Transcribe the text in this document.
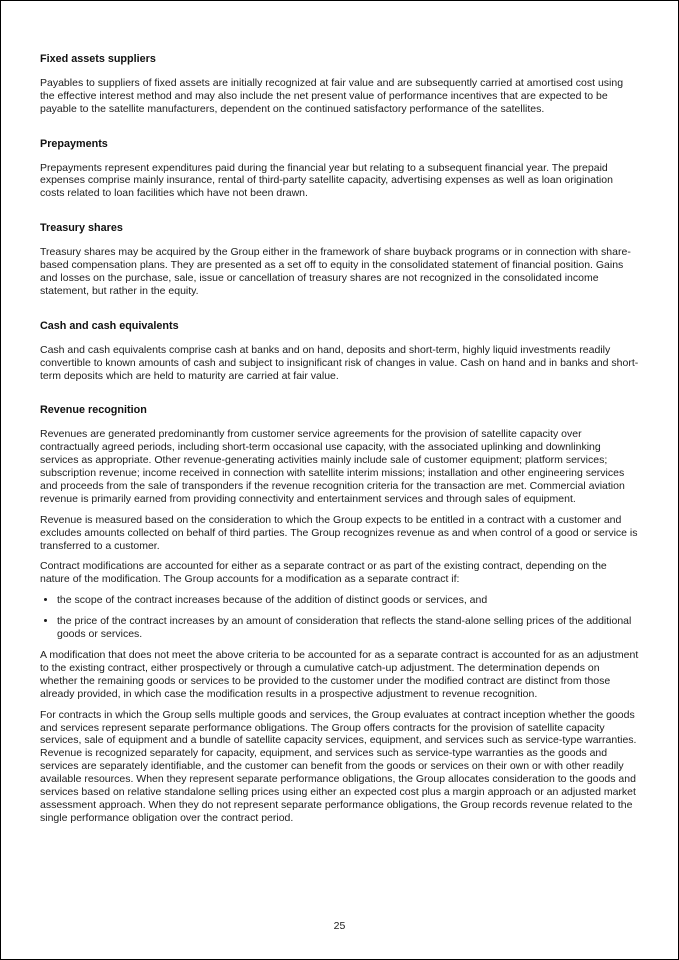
Fixed assets suppliers

Payables to suppliers of fixed assets are initially recognized at fair value and are subsequently carried at amortised cost using the effective interest method and may also include the net present value of performance incentives that are expected to be payable to the satellite manufacturers, dependent on the continued satisfactory performance of the satellites.

Prepayments

Prepayments represent expenditures paid during the financial year but relating to a subsequent financial year. The prepaid expenses comprise mainly insurance, rental of third-party satellite capacity, advertising expenses as well as loan origination costs related to loan facilities which have not been drawn.

Treasury shares

Treasury shares may be acquired by the Group either in the framework of share buyback programs or in connection with share-based compensation plans. They are presented as a set off to equity in the consolidated statement of financial position. Gains and losses on the purchase, sale, issue or cancellation of treasury shares are not recognized in the consolidated income statement, but rather in the equity.

Cash and cash equivalents

Cash and cash equivalents comprise cash at banks and on hand, deposits and short-term, highly liquid investments readily convertible to known amounts of cash and subject to insignificant risk of changes in value. Cash on hand and in banks and short-term deposits which are held to maturity are carried at fair value.

Revenue recognition

Revenues are generated predominantly from customer service agreements for the provision of satellite capacity over contractually agreed periods, including short-term occasional use capacity, with the associated uplinking and downlinking services as appropriate. Other revenue-generating activities mainly include sale of customer equipment; platform services; subscription revenue; income received in connection with satellite interim missions; installation and other engineering services and proceeds from the sale of transponders if the revenue recognition criteria for the transaction are met. Commercial aviation revenue is primarily earned from providing connectivity and entertainment services and through sales of equipment.

Revenue is measured based on the consideration to which the Group expects to be entitled in a contract with a customer and excludes amounts collected on behalf of third parties. The Group recognizes revenue as and when control of a good or service is transferred to a customer.

Contract modifications are accounted for either as a separate contract or as part of the existing contract, depending on the nature of the modification. The Group accounts for a modification as a separate contract if:

• the scope of the contract increases because of the addition of distinct goods or services, and
• the price of the contract increases by an amount of consideration that reflects the stand-alone selling prices of the additional goods or services.

A modification that does not meet the above criteria to be accounted for as a separate contract is accounted for as an adjustment to the existing contract, either prospectively or through a cumulative catch-up adjustment. The determination depends on whether the remaining goods or services to be provided to the customer under the modified contract are distinct from those already provided, in which case the modification results in a prospective adjustment to revenue recognition.

For contracts in which the Group sells multiple goods and services, the Group evaluates at contract inception whether the goods and services represent separate performance obligations. The Group offers contracts for the provision of satellite capacity services, sale of equipment and a bundle of satellite capacity services, equipment, and services such as service-type warranties. Revenue is recognized separately for capacity, equipment, and services such as service-type warranties as the goods and services are separately identifiable, and the customer can benefit from the goods or services on their own or with other readily available resources. When they represent separate performance obligations, the Group allocates consideration to the goods and services based on relative standalone selling prices using either an expected cost plus a margin approach or an adjusted market assessment approach. When they do not represent separate performance obligations, the Group records revenue related to the single performance obligation over the contract period.

25
